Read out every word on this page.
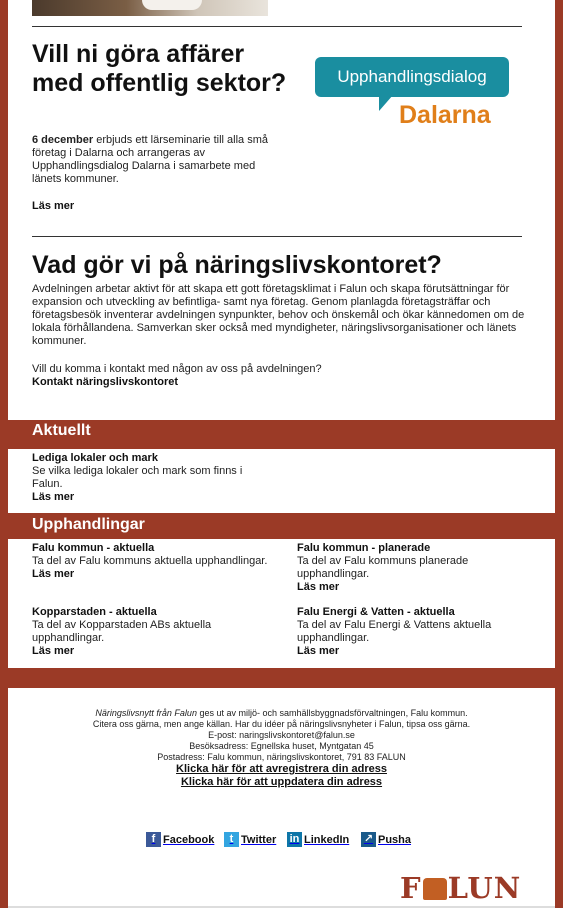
Vill ni göra affärer med offentlig sektor?
6 december erbjuds ett lärseminarie till alla små företag i Dalarna och arrangeras av Upphandlingsdialog Dalarna i samarbete med länets kommuner.
Läs mer
Upphandlingsdialog
Dalarna
Vad gör vi på näringslivskontoret?

Avdelningen arbetar aktivt för att skapa ett gott företagsklimat i Falun och skapa förutsättningar för expansion och utveckling av befintliga- samt nya företag. Genom planlagda företagsträffar och företagsbesök inventerar avdelningen synpunkter, behov och önskemål och ökar kännedomen om de lokala förhållandena. Samverkan sker också med myndigheter, näringslivsorganisationer och länets kommuner.

Vill du komma i kontakt med någon av oss på avdelningen?

Kontakt näringslivskontoret
Aktuellt
Lediga lokaler och mark
Se vilka lediga lokaler och mark som finns i Falun.
Läs mer
Upphandlingar
Falu kommun - aktuella
Ta del av Falu kommuns aktuella upphandlingar.
Läs mer
Falu kommun - planerade
Ta del av Falu kommuns planerade upphandlingar.
Läs mer
Kopparstaden - aktuella
Ta del av Kopparstaden ABs aktuella upphandlingar.
Läs mer
Falu Energi & Vatten - aktuella
Ta del av Falu Energi & Vattens aktuella upphandlingar.
Läs mer
Näringslivsnytt från Falun ges ut av miljö- och samhällsbyggnadsförvaltningen, Falu kommun.
Citera oss gärna, men ange källan. Har du idéer på näringslivsnyheter i Falun, tipsa oss gärna.
E-post: naringslivskontoret@falun.se
Besöksadress: Egnellska huset, Myntgatan 45
Postadress: Falu kommun, näringslivskontoret, 791 83 FALUN
Klicka här för att avregistrera din adress
Klicka här för att uppdatera din adress
f Facebook	t Twitter in LinkedIn ↗ Pusha
F LUN
